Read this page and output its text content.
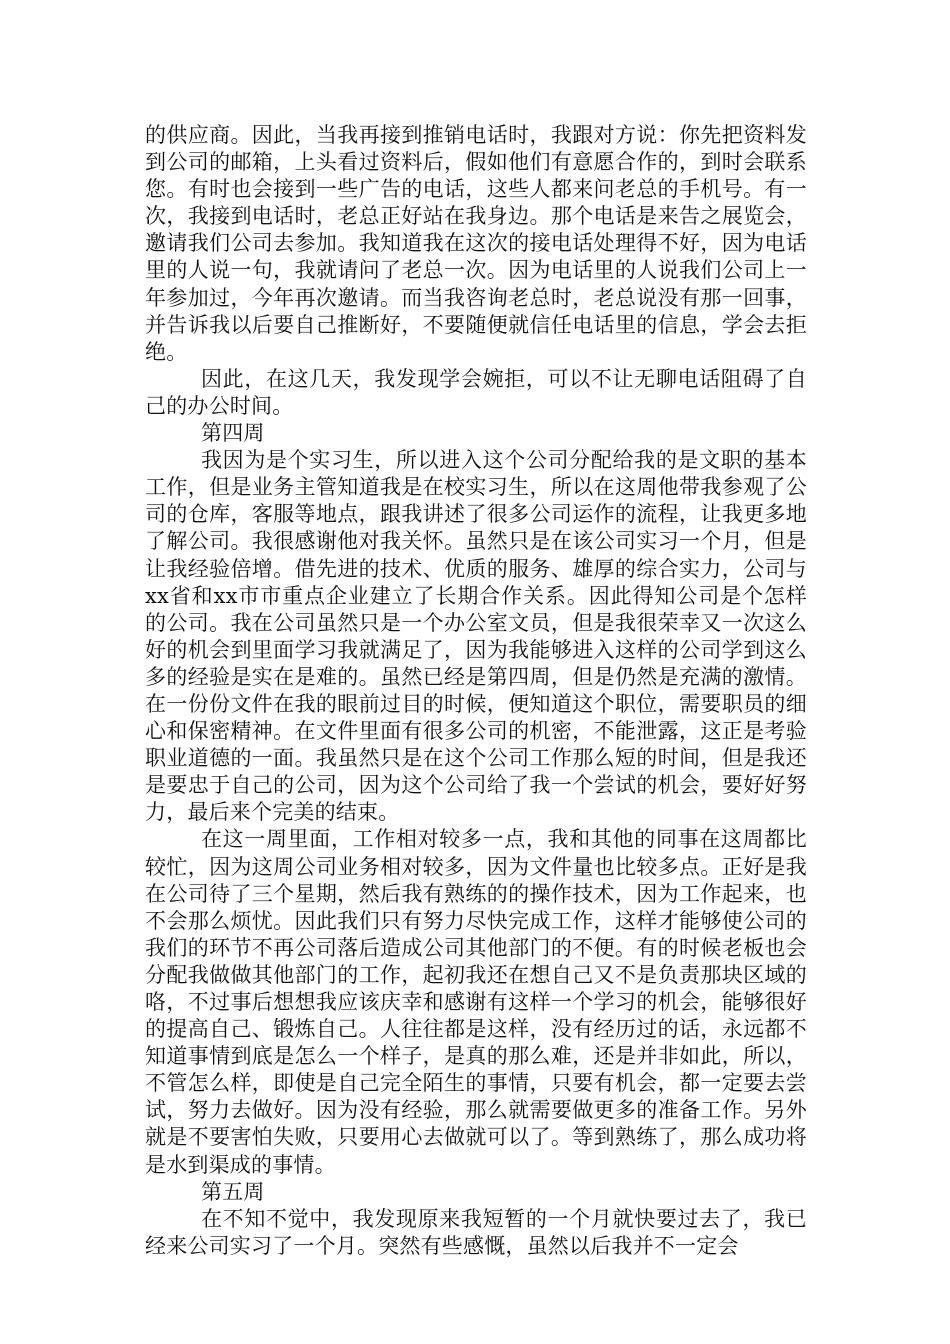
的供应商。因此，当我再接到推销电话时，我跟对方说：你先把资料发到公司的邮箱，上头看过资料后，假如他们有意愿合作的，到时会联系您。有时也会接到一些广告的电话，这些人都来问老总的手机号。有一次，我接到电话时，老总正好站在我身边。那个电话是来告之展览会，邀请我们公司去参加。我知道我在这次的接电话处理得不好，因为电话里的人说一句，我就请问了老总一次。因为电话里的人说我们公司上一年参加过，今年再次邀请。而当我咨询老总时，老总说没有那一回事，并告诉我以后要自己推断好，不要随便就信任电话里的信息，学会去拒绝。

因此，在这几天，我发现学会婉拒，可以不让无聊电话阻碍了自己的办公时间。

第四周

我因为是个实习生，所以进入这个公司分配给我的是文职的基本工作，但是业务主管知道我是在校实习生，所以在这周他带我参观了公司的仓库，客服等地点，跟我讲述了很多公司运作的流程，让我更多地了解公司。我很感谢他对我关怀。虽然只是在该公司实习一个月，但是让我经验倍增。借先进的技术、优质的服务、雄厚的综合实力，公司与xx省和xx市市重点企业建立了长期合作关系。因此得知公司是个怎样的公司。我在公司虽然只是一个办公室文员，但是我很荣幸又一次这么好的机会到里面学习我就满足了，因为我能够进入这样的公司学到这么多的经验是实在是难的。虽然已经是第四周，但是仍然是充满的激情。在一份份文件在我的眼前过目的时候，便知道这个职位，需要职员的细心和保密精神。在文件里面有很多公司的机密，不能泄露，这正是考验职业道德的一面。我虽然只是在这个公司工作那么短的时间，但是我还是要忠于自己的公司，因为这个公司给了我一个尝试的机会，要好好努力，最后来个完美的结束。

在这一周里面，工作相对较多一点，我和其他的同事在这周都比较忙，因为这周公司业务相对较多，因为文件量也比较多点。正好是我在公司待了三个星期，然后我有熟练的的操作技术，因为工作起来，也不会那么烦忧。因此我们只有努力尽快完成工作，这样才能够使公司的我们的环节不再公司落后造成公司其他部门的不便。有的时候老板也会分配我做做其他部门的工作，起初我还在想自己又不是负责那块区域的咯，不过事后想想我应该庆幸和感谢有这样一个学习的机会，能够很好的提高自己、锻炼自己。人往往都是这样，没有经历过的话，永远都不知道事情到底是怎么一个样子，是真的那么难，还是并非如此，所以，不管怎么样，即使是自己完全陌生的事情，只要有机会，都一定要去尝试，努力去做好。因为没有经验，那么就需要做更多的准备工作。另外就是不要害怕失败，只要用心去做就可以了。等到熟练了，那么成功将是水到渠成的事情。

第五周

在不知不觉中，我发现原来我短暂的一个月就快要过去了，我已经来公司实习了一个月。突然有些感慨，虽然以后我并不一定会
